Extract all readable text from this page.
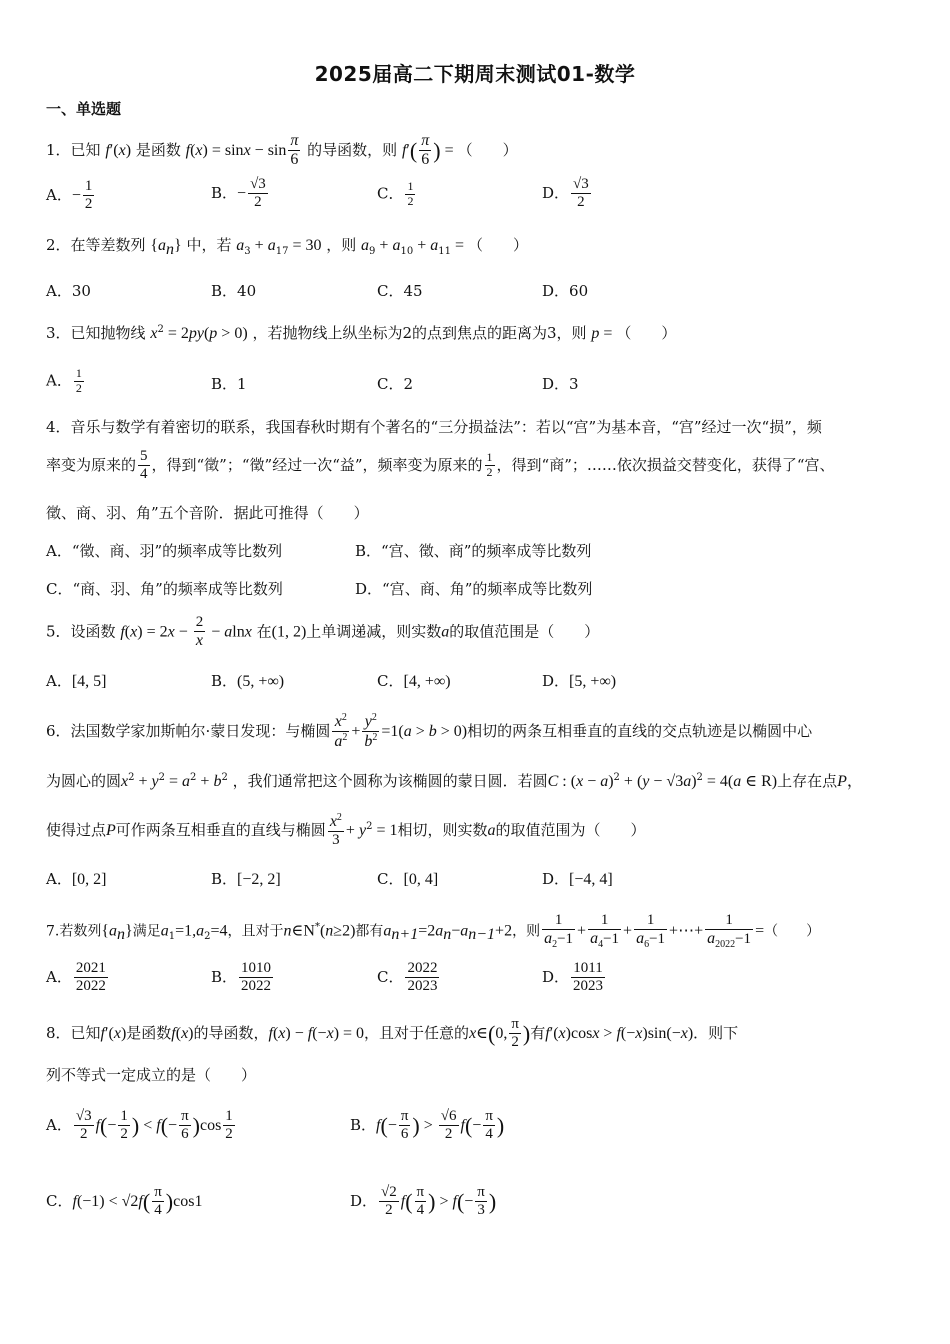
2025届高二下期周末测试01-数学
一、单选题
1．已知 f′(x) 是函数 $f(x) = \sin x - \sin \frac{\pi}{6}$ 的导函数，则 $f'( \frac{\pi}{6}$ ) = （　　）
A．− $\frac{1}{2}$	B．− $\frac{√3}{2}$	C． $\frac{1}{2}$	D． $\frac{√3}{2}$
2．在等差数列 $\{a_n\}$ 中，若 $a_3 + a_{17} = 30$ ，则 $a_9 + a_{10} + a_{11}$ = （　　）
A．30	B．40	C．45	D．60
3．已知抛物线 $x^2 = 2py(p > 0)$ ，若抛物线上纵坐标为2的点到焦点的距离为3，则 p = （　　）
A． $\frac{1}{2}$	B．1	C．2	D．3
4．音乐与数学有着密切的联系，我国春秋时期有个著名的“三分损益法”：若以“宫”为基本音，“宫”经过一次“损”，频
率变为原来的 $\frac{5}{4}$ ，得到“徵”；“徵”经过一次“益”，频率变为原来的 $\frac{1}{2}$ ，得到“商”；……依次损益交替变化，获得了“宫、
徵、商、羽、角”五个音阶．据此可推得（　　）
A．“徵、商、羽”的频率成等比数列	B．“宫、徵、商”的频率成等比数列
C．“商、羽、角”的频率成等比数列	D．“宫、商、角”的频率成等比数列
5．设函数 $f(x) = 2x - \frac{2}{x} - alnx$ 在(1, 2)上单调递减，则实数a的取值范围是（　　）
A．[4, 5]	B．(5, +∞)	C．[4, +∞)	D．[5, +∞)
6．法国数学家加斯帕尔·蒙日发现：与椭圆 $\frac{x^2}{a^2} + \frac{y^2}{b^2} =1(a > b > 0)$相切的两条互相垂直的直线的交点轨迹是以椭圆中心
为圆心的圆$x^2 + y^2 = a^2 + b^2$ ，我们通常把这个圆称为该椭圆的蒙日圆．若圆C : $(x - a)^2 + (y - √3a)^2 = 4(a$ ∈ R)上存在点P，
使得过点P可作两条互相垂直的直线与椭圆 $\frac{x^2}{3} + y^2 = 1$相切，则实数a的取值范围为（　　）
A．[0, 2]	B．[−2, 2]	C．[0, 4]	D．[−4, 4]
7.若数列$\{a_n\}$满足$a_1=1,a_2=4$，且对于n∈N*(n≥2)都有$a_{n+1}=2a_n-a_{n-1}+2$，则 $\frac{1}{a_2-1} + \frac{1}{a_4-1} + \frac{1}{a_6-1}$ +⋯+ $\frac{1}{a_{2022}-1}$ =（　　）
A． $\frac{2021}{2022}$	B． $\frac{1010}{2022}$	C． $\frac{2022}{2023}$	D． $\frac{1011}{2023}$
8．已知f′(x)是函数f(x)的导函数，f(x) − f(−x) = 0，且对于任意的x∈(0, $\frac{\pi}{2}$ )有f′(x)cosx > f(−x)sin(−x)．则下
列不等式一定成立的是（　　）
A． $\frac{√3}{2} f(- \frac{1}{2}$ ) < $f(- \frac{\pi}{6} )\cos \frac{1}{2}$	B．$f(- \frac{\pi}{6}$ ) > $\frac{√6}{2} f(- \frac{\pi}{4}$ )
C．$f(-1) < √2f( \frac{\pi}{4} )\cos 1$	D． $\frac{√2}{2} f( \frac{\pi}{4}$ ) > $f(- \frac{\pi}{3}$ )
